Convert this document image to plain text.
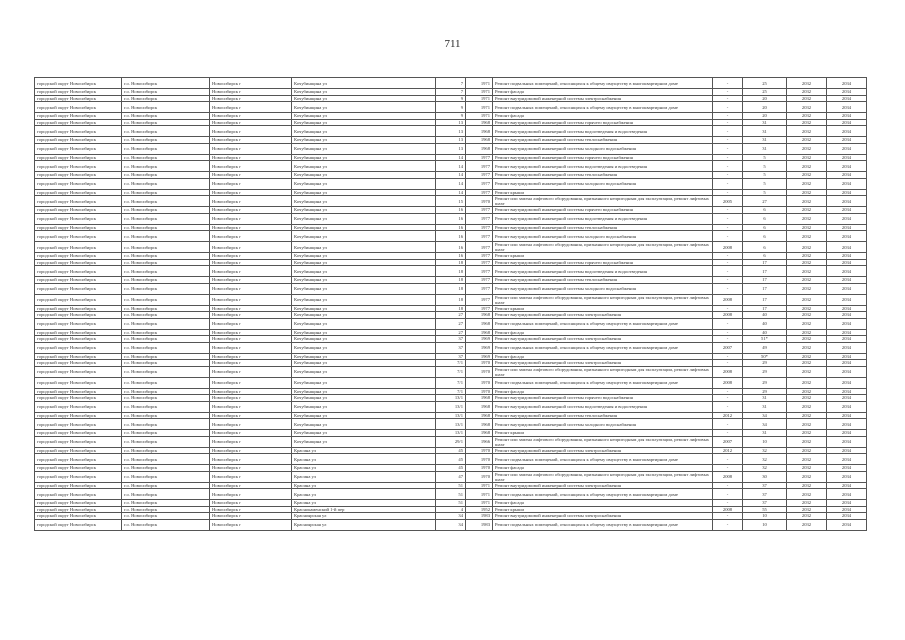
711
городской округ Новосибирск	г.о. Новосибирск	Новосибирск г	Кочубинщина ул	7	1971	Ремонт подвальных помещений, относящихся к общему имуществу в многоквартирном доме	-	25	2032	2034
городской округ Новосибирск	г.о. Новосибирск	Новосибирск г	Кочубинщина ул	7	1971	Ремонт фасада	-	25	2032	2034
городской округ Новосибирск	г.о. Новосибирск	Новосибирск г	Кочубинщина ул	9	1971	Ремонт внутридомовой инженерной системы электроснабжения	-	20	2032	2034
городской округ Новосибирск	г.о. Новосибирск	Новосибирск г	Кочубинщина ул	9	1971	Ремонт подвальных помещений, относящихся к общему имуществу в многоквартирном доме	-	20	2032	2034
городской округ Новосибирск	г.о. Новосибирск	Новосибирск г	Кочубинщина ул	9	1971	Ремонт фасада	-	20	2032	2034
городской округ Новосибирск	г.о. Новосибирск	Новосибирск г	Кочубинщина ул	13	1968	Ремонт внутридомовой инженерной системы горячего водоснабжения	-	31	2032	2034
городской округ Новосибирск	г.о. Новосибирск	Новосибирск г	Кочубинщина ул	13	1968	Ремонт внутридомовой инженерной системы водоотведения и водоотведения	-	31	2032	2034
городской округ Новосибирск	г.о. Новосибирск	Новосибирск г	Кочубинщина ул	13	1968	Ремонт внутридомовой инженерной системы теплоснабжения	-	31	2032	2034
городской округ Новосибирск	г.о. Новосибирск	Новосибирск г	Кочубинщина ул	13	1968	Ремонт внутридомовой инженерной системы холодного водоснабжения	-	31	2032	2034
городской округ Новосибирск	г.о. Новосибирск	Новосибирск г	Кочубинщина ул	14	1977	Ремонт внутридомовой инженерной системы горячего водоснабжения	-	5	2032	2034
городской округ Новосибирск	г.о. Новосибирск	Новосибирск г	Кочубинщина ул	14	1977	Ремонт внутридомовой инженерной системы водоотведения и водоотведения	-	5	2032	2034
городской округ Новосибирск	г.о. Новосибирск	Новосибирск г	Кочубинщина ул	14	1977	Ремонт внутридомовой инженерной системы теплоснабжения	-	5	2032	2034
городской округ Новосибирск	г.о. Новосибирск	Новосибирск г	Кочубинщина ул	14	1977	Ремонт внутридомовой инженерной системы холодного водоснабжения	-	5	2032	2034
городской округ Новосибирск	г.о. Новосибирск	Новосибирск г	Кочубинщина ул	14	1977	Ремонт крыши	-	5	2032	2034
городской округ Новосибирск	г.о. Новосибирск	Новосибирск г	Кочубинщина ул	15	1970	Ремонт или замена лифтового оборудования, признанного непригодным для эксплуатации, ремонт лифтовых шахт	2005	27	2032	2034
городской округ Новосибирск	г.о. Новосибирск	Новосибирск г	Кочубинщина ул	16	1977	Ремонт внутридомовой инженерной системы горячего водоснабжения	-	6	2032	2034
городской округ Новосибирск	г.о. Новосибирск	Новосибирск г	Кочубинщина ул	16	1977	Ремонт внутридомовой инженерной системы водоотведения и водоотведения	-	6	2032	2034
городской округ Новосибирск	г.о. Новосибирск	Новосибирск г	Кочубинщина ул	16	1977	Ремонт внутридомовой инженерной системы теплоснабжения	-	6	2032	2034
городской округ Новосибирск	г.о. Новосибирск	Новосибирск г	Кочубинщина ул	16	1977	Ремонт внутридомовой инженерной системы холодного водоснабжения	-	6	2032	2034
городской округ Новосибирск	г.о. Новосибирск	Новосибирск г	Кочубинщина ул	16	1977	Ремонт или замена лифтового оборудования, признанного непригодным для эксплуатации, ремонт лифтовых шахт	2008	6	2032	2034
городской округ Новосибирск	г.о. Новосибирск	Новосибирск г	Кочубинщина ул	16	1977	Ремонт крыши	-	6	2032	2034
городской округ Новосибирск	г.о. Новосибирск	Новосибирск г	Кочубинщина ул	18	1977	Ремонт внутридомовой инженерной системы горячего водоснабжения	-	17	2032	2034
городской округ Новосибирск	г.о. Новосибирск	Новосибирск г	Кочубинщина ул	18	1977	Ремонт внутридомовой инженерной системы водоотведения и водоотведения	-	17	2032	2034
городской округ Новосибирск	г.о. Новосибирск	Новосибирск г	Кочубинщина ул	18	1977	Ремонт внутридомовой инженерной системы теплоснабжения	-	17	2032	2034
городской округ Новосибирск	г.о. Новосибирск	Новосибирск г	Кочубинщина ул	18	1977	Ремонт внутридомовой инженерной системы холодного водоснабжения	-	17	2032	2034
городской округ Новосибирск	г.о. Новосибирск	Новосибирск г	Кочубинщина ул	18	1977	Ремонт или замена лифтового оборудования, признанного непригодным для эксплуатации, ремонт лифтовых шахт	2008	17	2032	2034
городской округ Новосибирск	г.о. Новосибирск	Новосибирск г	Кочубинщина ул	18	1977	Ремонт крыши	-	17	2032	2034
городской округ Новосибирск	г.о. Новосибирск	Новосибирск г	Кочубинщина ул	27	1968	Ремонт внутридомовой инженерной системы электроснабжения	2008	40	2032	2034
городской округ Новосибирск	г.о. Новосибирск	Новосибирск г	Кочубинщина ул	27	1968	Ремонт подвальных помещений, относящихся к общему имуществу в многоквартирном доме	-	40	2032	2034
городской округ Новосибирск	г.о. Новосибирск	Новосибирск г	Кочубинщина ул	27	1968	Ремонт фасада	-	40	2032	2034
городской округ Новосибирск	г.о. Новосибирск	Новосибирск г	Кочубинщина ул	37	1969	Ремонт внутридомовой инженерной системы электроснабжения	-	51*	2032	2034
городской округ Новосибирск	г.о. Новосибирск	Новосибирск г	Кочубинщина ул	37	1969	Ремонт подвальных помещений, относящихся к общему имуществу в многоквартирном доме	2007	49	2032	2034
городской округ Новосибирск	г.о. Новосибирск	Новосибирск г	Кочубинщина ул	37	1969	Ремонт фасада	-	50*	2032	2034
городской округ Новосибирск	г.о. Новосибирск	Новосибирск г	Кочубинщина ул	7/1	1970	Ремонт внутридомовой инженерной системы электроснабжения	-	29	2032	2034
городской округ Новосибирск	г.о. Новосибирск	Новосибирск г	Кочубинщина ул	7/1	1970	Ремонт или замена лифтового оборудования, признанного непригодным для эксплуатации, ремонт лифтовых шахт	2008	29	2032	2034
городской округ Новосибирск	г.о. Новосибирск	Новосибирск г	Кочубинщина ул	7/1	1970	Ремонт подвальных помещений, относящихся к общему имуществу в многоквартирном доме	2008	29	2032	2034
городской округ Новосибирск	г.о. Новосибирск	Новосибирск г	Кочубинщина ул	7/1	1970	Ремонт фасада	-	29	2032	2034
городской округ Новосибирск	г.о. Новосибирск	Новосибирск г	Кочубинщина ул	13/1	1968	Ремонт внутридомовой инженерной системы горячего водоснабжения	-	31	2032	2034
городской округ Новосибирск	г.о. Новосибирск	Новосибирск г	Кочубинщина ул	13/1	1968	Ремонт внутридомовой инженерной системы водоотведения и водоотведения	-	31	2032	2034
городской округ Новосибирск	г.о. Новосибирск	Новосибирск г	Кочубинщина ул	13/1	1968	Ремонт внутридомовой инженерной системы теплоснабжения	2012	34	2032	2034
городской округ Новосибирск	г.о. Новосибирск	Новосибирск г	Кочубинщина ул	13/1	1968	Ремонт внутридомовой инженерной системы холодного водоснабжения	-	34	2032	2034
городской округ Новосибирск	г.о. Новосибирск	Новосибирск г	Кочубинщина ул	13/1	1968	Ремонт крыши	-	31	2032	2034
городской округ Новосибирск	г.о. Новосибирск	Новосибирск г	Кочубинщина ул	29/1	1966	Ремонт или замена лифтового оборудования, признанного непригодным для эксплуатации, ремонт лифтовых шахт	2007	10	2032	2034
городской округ Новосибирск	г.о. Новосибирск	Новосибирск г	Красина ул	45	1970	Ремонт внутридомовой инженерной системы электроснабжения	2012	32	2032	2034
городской округ Новосибирск	г.о. Новосибирск	Новосибирск г	Красина ул	45	1970	Ремонт подвальных помещений, относящихся к общему имуществу в многоквартирном доме	-	32	2032	2034
городской округ Новосибирск	г.о. Новосибирск	Новосибирск г	Красина ул	45	1970	Ремонт фасада	-	32	2032	2034
городской округ Новосибирск	г.о. Новосибирск	Новосибирск г	Красина ул	47	1970	Ремонт или замена лифтового оборудования, признанного непригодным для эксплуатации, ремонт лифтовых шахт	2008	30	2032	2034
городской округ Новосибирск	г.о. Новосибирск	Новосибирск г	Красина ул	51	1971	Ремонт внутридомовой инженерной системы электроснабжения	-	37	2032	2034
городской округ Новосибирск	г.о. Новосибирск	Новосибирск г	Красина ул	51	1971	Ремонт подвальных помещений, относящихся к общему имуществу в многоквартирном доме	-	37	2032	2034
городской округ Новосибирск	г.о. Новосибирск	Новосибирск г	Красина ул	51	1971	Ремонт фасада	-	37	2032	2034
городской округ Новосибирск	г.о. Новосибирск	Новосибирск г	Краснокаменский 1-й пер	4	1952	Ремонт крыши	2008	55	2032	2034
городской округ Новосибирск	г.о. Новосибирск	Новосибирск г	Красноярская ул	34	1983	Ремонт внутридомовой инженерной системы электроснабжения	-	10	2032	2034
городской округ Новосибирск	г.о. Новосибирск	Новосибирск г	Красноярская ул	34	1983	Ремонт подвальных помещений, относящихся к общему имуществу в многоквартирном доме	-	10	2032	2034
